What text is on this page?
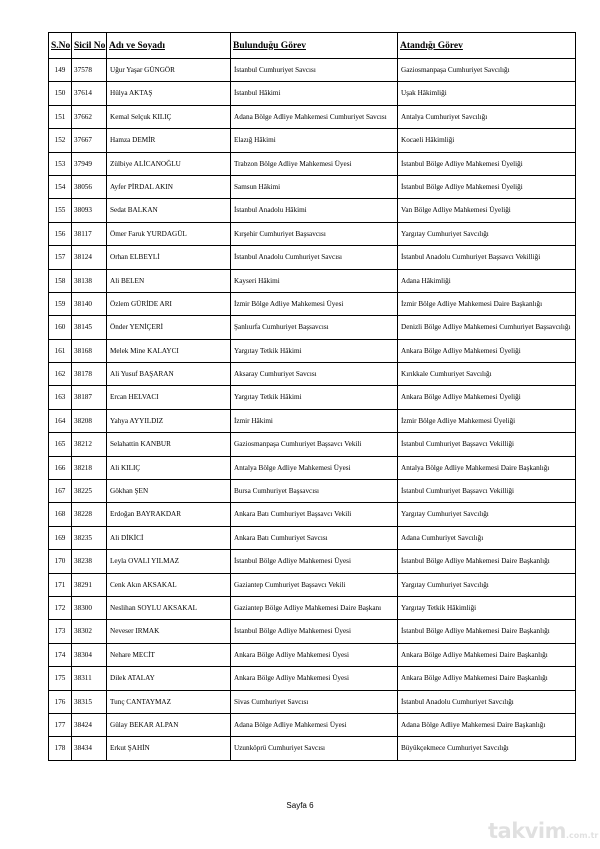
S.No	Sicil No	Adı ve Soyadı	Bulunduğu Görev	Atandığı Görev
149	37578	Uğur Yaşar GÜNGÖR	İstanbul Cumhuriyet Savcısı	Gaziosmanpaşa Cumhuriyet Savcılığı
150	37614	Hülya AKTAŞ	İstanbul Hâkimi	Uşak Hâkimliği
151	37662	Kemal Selçuk KILIÇ	Adana Bölge Adliye Mahkemesi Cumhuriyet Savcısı	Antalya Cumhuriyet Savcılığı
152	37667	Hamza DEMİR	Elazığ Hâkimi	Kocaeli Hâkimliği
153	37949	Zülbiye ALİCANOĞLU	Trabzon Bölge Adliye Mahkemesi Üyesi	İstanbul Bölge Adliye Mahkemesi Üyeliği
154	38056	Ayfer PİRDAL AKIN	Samsun Hâkimi	İstanbul Bölge Adliye Mahkemesi Üyeliği
155	38093	Sedat BALKAN	İstanbul Anadolu Hâkimi	Van Bölge Adliye Mahkemesi Üyeliği
156	38117	Ömer Faruk YURDAGÜL	Kırşehir Cumhuriyet Başsavcısı	Yargıtay Cumhuriyet Savcılığı
157	38124	Orhan ELBEYLİ	İstanbul Anadolu Cumhuriyet Savcısı	İstanbul Anadolu Cumhuriyet Başsavcı Vekilliği
158	38138	Ali BELEN	Kayseri Hâkimi	Adana Hâkimliği
159	38140	Özlem GÜRİDE ARI	İzmir Bölge Adliye Mahkemesi Üyesi	İzmir Bölge Adliye Mahkemesi Daire Başkanlığı
160	38145	Önder YENİÇERİ	Şanlıurfa Cumhuriyet Başsavcısı	Denizli Bölge Adliye Mahkemesi Cumhuriyet Başsavcılığı
161	38168	Melek Mine KALAYCI	Yargıtay Tetkik Hâkimi	Ankara Bölge Adliye Mahkemesi Üyeliği
162	38178	Ali Yusuf BAŞARAN	Aksaray Cumhuriyet Savcısı	Kırıkkale Cumhuriyet Savcılığı
163	38187	Ercan HELVACI	Yargıtay Tetkik Hâkimi	Ankara Bölge Adliye Mahkemesi Üyeliği
164	38208	Yahya AYYILDIZ	İzmir Hâkimi	İzmir Bölge Adliye Mahkemesi Üyeliği
165	38212	Selahattin KANBUR	Gaziosmanpaşa Cumhuriyet Başsavcı Vekili	İstanbul Cumhuriyet Başsavcı Vekilliği
166	38218	Ali KILIÇ	Antalya Bölge Adliye Mahkemesi Üyesi	Antalya Bölge Adliye Mahkemesi Daire Başkanlığı
167	38225	Gökhan ŞEN	Bursa Cumhuriyet Başsavcısı	İstanbul Cumhuriyet Başsavcı Vekilliği
168	38228	Erdoğan BAYRAKDAR	Ankara Batı Cumhuriyet Başsavcı Vekili	Yargıtay Cumhuriyet Savcılığı
169	38235	Ali DİKİCİ	Ankara Batı Cumhuriyet Savcısı	Adana Cumhuriyet Savcılığı
170	38238	Leyla OVALI YILMAZ	İstanbul Bölge Adliye Mahkemesi Üyesi	İstanbul Bölge Adliye Mahkemesi Daire Başkanlığı
171	38291	Cenk Akın AKSAKAL	Gaziantep Cumhuriyet Başsavcı Vekili	Yargıtay Cumhuriyet Savcılığı
172	38300	Neslihan SOYLU AKSAKAL	Gaziantep Bölge Adliye Mahkemesi Daire Başkanı	Yargıtay Tetkik Hâkimliği
173	38302	Neveser IRMAK	İstanbul Bölge Adliye Mahkemesi Üyesi	İstanbul Bölge Adliye Mahkemesi Daire Başkanlığı
174	38304	Nehare MECİT	Ankara Bölge Adliye Mahkemesi Üyesi	Ankara Bölge Adliye Mahkemesi Daire Başkanlığı
175	38311	Dilek ATALAY	Ankara Bölge Adliye Mahkemesi Üyesi	Ankara Bölge Adliye Mahkemesi Daire Başkanlığı
176	38315	Tunç CANTAYMAZ	Sivas Cumhuriyet Savcısı	İstanbul Anadolu Cumhuriyet Savcılığı
177	38424	Gülay BEKAR ALPAN	Adana Bölge Adliye Mahkemesi Üyesi	Adana Bölge Adliye Mahkemesi Daire Başkanlığı
178	38434	Erkut ŞAHİN	Uzunköprü Cumhuriyet Savcısı	Büyükçekmece Cumhuriyet Savcılığı
Sayfa 6
takvim.com.tr
